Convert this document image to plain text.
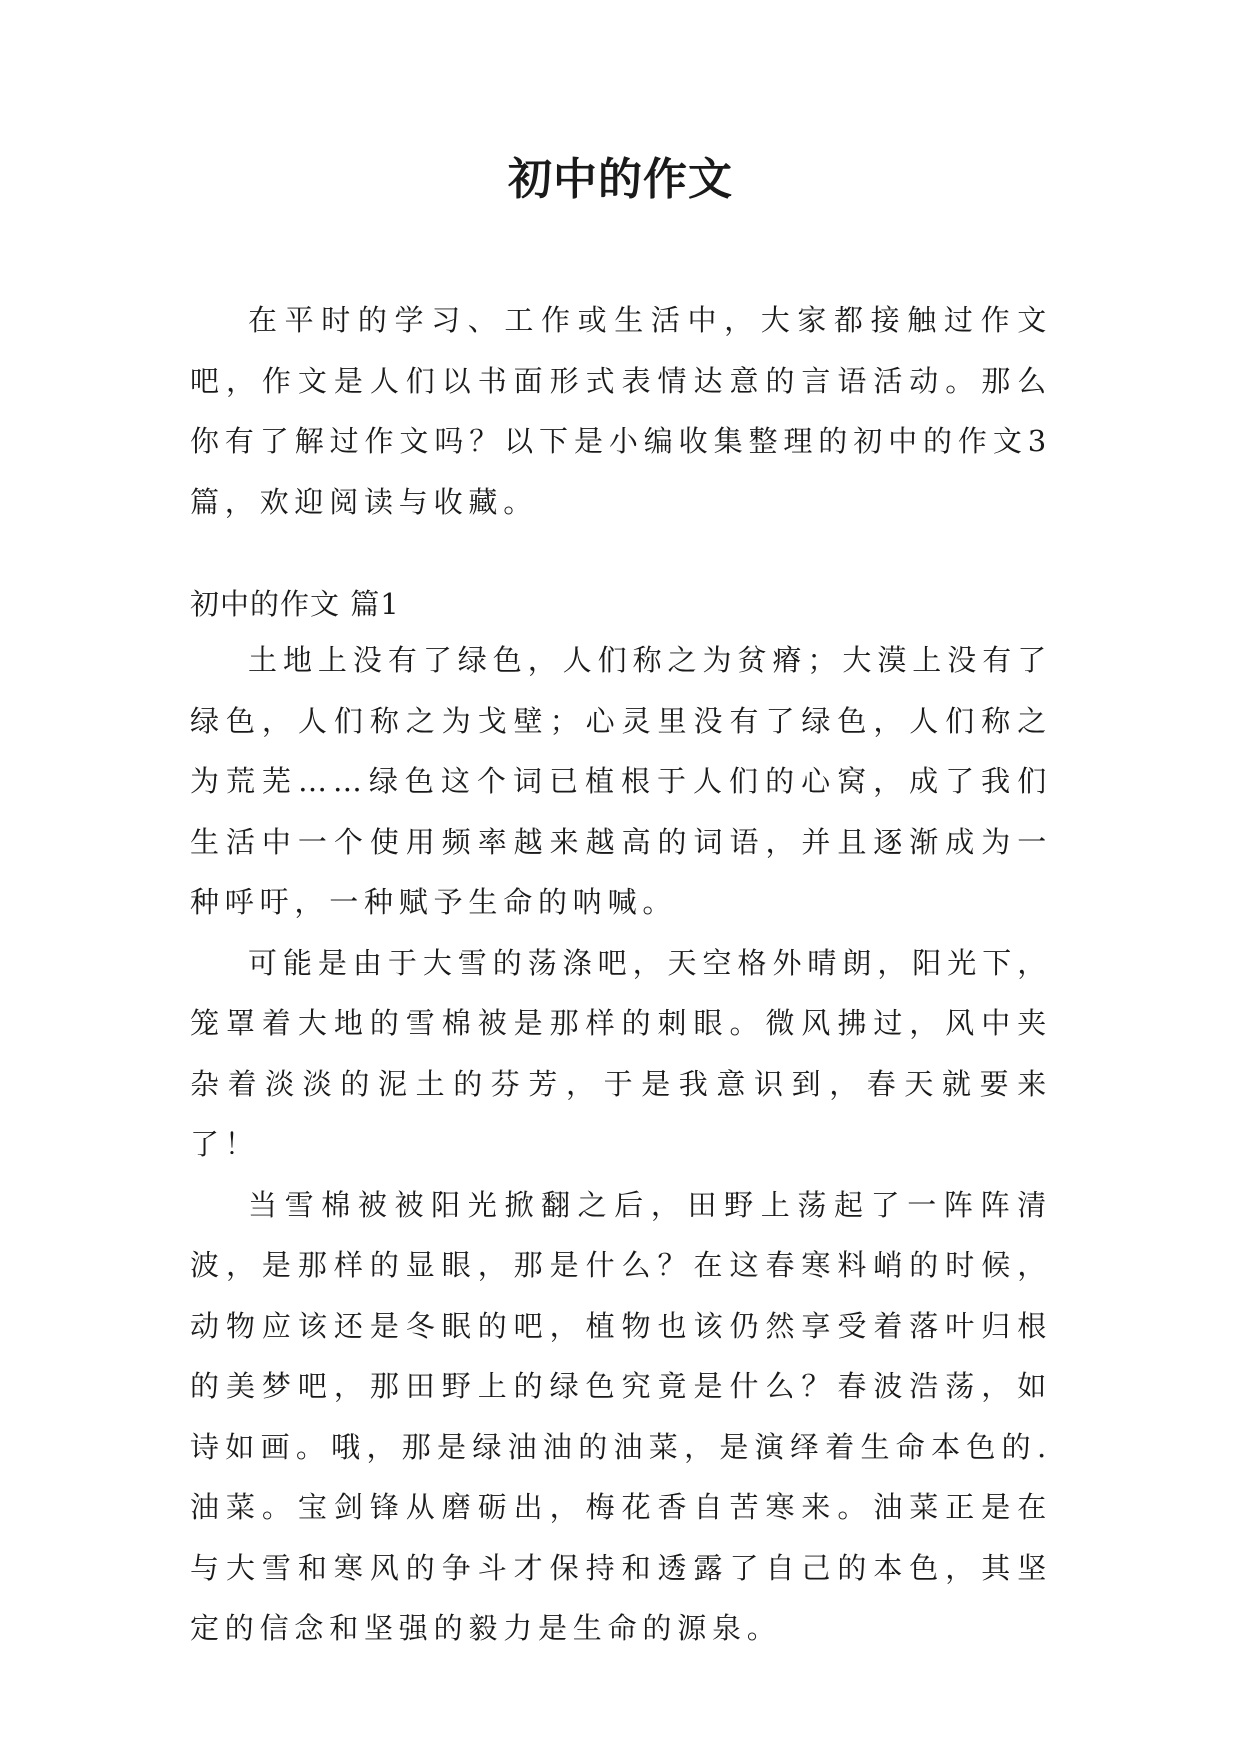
初中的作文

在平时的学习、工作或生活中，大家都接触过作文吧，作文是人们以书面形式表情达意的言语活动。那么你有了解过作文吗？以下是小编收集整理的初中的作文3篇，欢迎阅读与收藏。

初中的作文 篇1

土地上没有了绿色，人们称之为贫瘠；大漠上没有了绿色，人们称之为戈壁；心灵里没有了绿色，人们称之为荒芜……绿色这个词已植根于人们的心窝，成了我们生活中一个使用频率越来越高的词语，并且逐渐成为一种呼吁，一种赋予生命的呐喊。

可能是由于大雪的荡涤吧，天空格外晴朗，阳光下，笼罩着大地的雪棉被是那样的刺眼。微风拂过，风中夹杂着淡淡的泥土的芬芳，于是我意识到，春天就要来了！

当雪棉被被阳光掀翻之后，田野上荡起了一阵阵清波，是那样的显眼，那是什么？在这春寒料峭的时候，动物应该还是冬眠的吧，植物也该仍然享受着落叶归根的美梦吧，那田野上的绿色究竟是什么？春波浩荡，如诗如画。哦，那是绿油油的油菜，是演绎着生命本色的.油菜。宝剑锋从磨砺出，梅花香自苦寒来。油菜正是在与大雪和寒风的争斗才保持和透露了自己的本色，其坚定的信念和坚强的毅力是生命的源泉。
